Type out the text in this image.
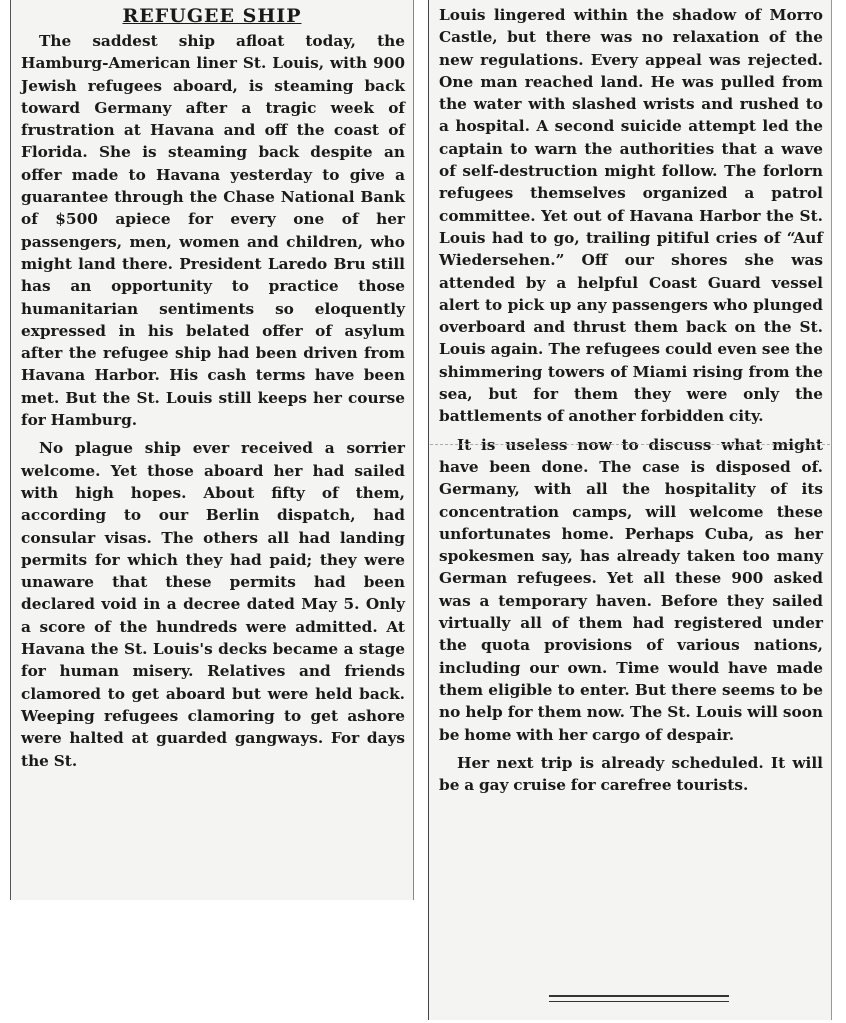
REFUGEE SHIP

The saddest ship afloat today, the Hamburg-American liner St. Louis, with 900 Jewish refugees aboard, is steaming back toward Germany after a tragic week of frustration at Havana and off the coast of Florida. She is steaming back despite an offer made to Havana yesterday to give a guarantee through the Chase National Bank of $500 apiece for every one of her passengers, men, women and children, who might land there. President Laredo Bru still has an opportunity to practice those humanitarian sentiments so eloquently expressed in his belated offer of asylum after the refugee ship had been driven from Havana Harbor. His cash terms have been met. But the St. Louis still keeps her course for Hamburg.

No plague ship ever received a sorrier welcome. Yet those aboard her had sailed with high hopes. About fifty of them, according to our Berlin dispatch, had consular visas. The others all had landing permits for which they had paid; they were unaware that these permits had been declared void in a decree dated May 5. Only a score of the hundreds were admitted. At Havana the St. Louis's decks became a stage for human misery. Relatives and friends clamored to get aboard but were held back. Weeping refugees clamoring to get ashore were halted at guarded gangways. For days the St.

Louis lingered within the shadow of Morro Castle, but there was no relaxation of the new regulations. Every appeal was rejected. One man reached land. He was pulled from the water with slashed wrists and rushed to a hospital. A second suicide attempt led the captain to warn the authorities that a wave of self-destruction might follow. The forlorn refugees themselves organized a patrol committee. Yet out of Havana Harbor the St. Louis had to go, trailing pitiful cries of “Auf Wiedersehen.” Off our shores she was attended by a helpful Coast Guard vessel alert to pick up any passengers who plunged overboard and thrust them back on the St. Louis again. The refugees could even see the shimmering towers of Miami rising from the sea, but for them they were only the battlements of another forbidden city.

It is useless now to discuss what might have been done. The case is disposed of. Germany, with all the hospitality of its concentration camps, will welcome these unfortunates home. Perhaps Cuba, as her spokesmen say, has already taken too many German refugees. Yet all these 900 asked was a temporary haven. Before they sailed virtually all of them had registered under the quota provisions of various nations, including our own. Time would have made them eligible to enter. But there seems to be no help for them now. The St. Louis will soon be home with her cargo of despair.

Her next trip is already scheduled. It will be a gay cruise for carefree tourists.
